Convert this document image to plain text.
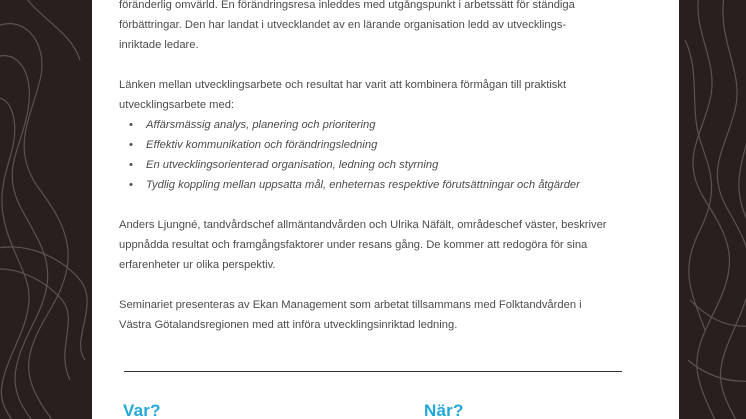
föränderlig omvärld. En förändringsresa inleddes med utgångspunkt i arbetssätt för ständiga
förbättringar. Den har landat i utvecklandet av en lärande organisation ledd av utvecklings-
inriktade ledare.

Länken mellan utvecklingsarbete och resultat har varit att kombinera förmågan till praktiskt
utvecklingsarbete med:

• Affärsmässig analys, planering och prioritering
• Effektiv kommunikation och förändringsledning
• En utvecklingsorienterad organisation, ledning och styrning
• Tydlig koppling mellan uppsatta mål, enheternas respektive förutsättningar och åtgärder

Anders Ljungné, tandvårdschef allmäntandvården och Ulrika Näfält, områdeschef väster, beskriver
uppnådda resultat och framgångsfaktorer under resans gång. De kommer att redogöra för sina
erfarenheter ur olika perspektiv.

Seminariet presenteras av Ekan Management som arbetat tillsammans med Folktandvården i
Västra Götalandsregionen med att införa utvecklingsinriktad ledning.

Var?	När?
